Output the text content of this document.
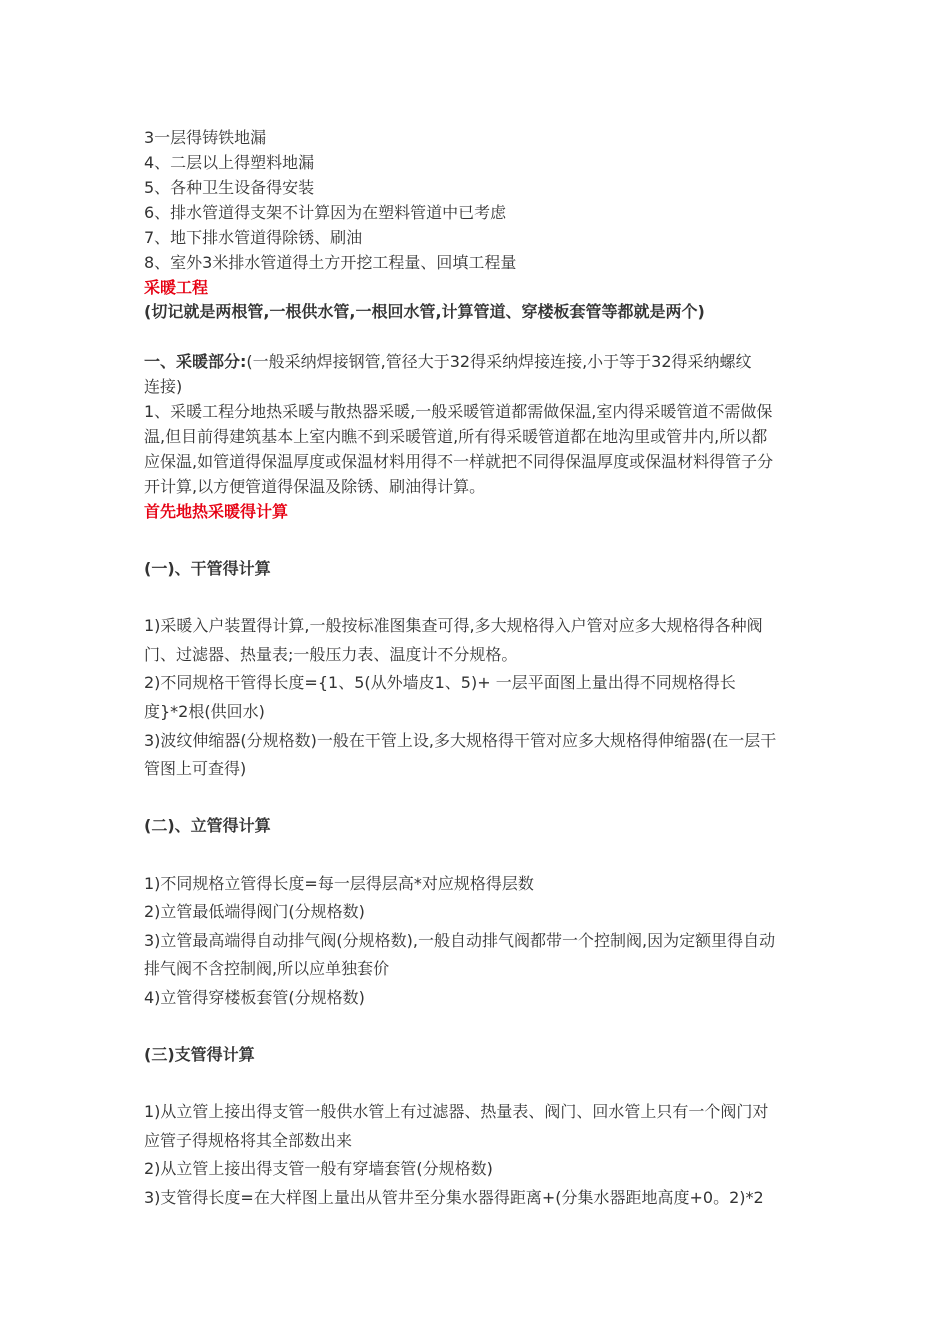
3一层得铸铁地漏
4、二层以上得塑料地漏
5、各种卫生设备得安装
6、排水管道得支架不计算因为在塑料管道中已考虑
7、地下排水管道得除锈、刷油
8、室外3米排水管道得土方开挖工程量、回填工程量
采暖工程
(切记就是两根管,一根供水管,一根回水管,计算管道、穿楼板套管等都就是两个)
一、采暖部分:(一般采纳焊接钢管,管径大于32得采纳焊接连接,小于等于32得采纳螺纹
连接)
1、采暖工程分地热采暖与散热器采暖,一般采暖管道都需做保温,室内得采暖管道不需做保
温,但目前得建筑基本上室内瞧不到采暖管道,所有得采暖管道都在地沟里或管井内,所以都
应保温,如管道得保温厚度或保温材料用得不一样就把不同得保温厚度或保温材料得管子分
开计算,以方便管道得保温及除锈、刷油得计算。
首先地热采暖得计算
(一)、干管得计算
1)采暖入户装置得计算,一般按标准图集查可得,多大规格得入户管对应多大规格得各种阀
门、过滤器、热量表;一般压力表、温度计不分规格。
2)不同规格干管得长度={1、5(从外墙皮1、5)+ 一层平面图上量出得不同规格得长
度}*2根(供回水)
3)波纹伸缩器(分规格数)一般在干管上设,多大规格得干管对应多大规格得伸缩器(在一层干
管图上可查得)
(二)、立管得计算
1)不同规格立管得长度=每一层得层高*对应规格得层数
2)立管最低端得阀门(分规格数)
3)立管最高端得自动排气阀(分规格数),一般自动排气阀都带一个控制阀,因为定额里得自动
排气阀不含控制阀,所以应单独套价
4)立管得穿楼板套管(分规格数)
(三)支管得计算
1)从立管上接出得支管一般供水管上有过滤器、热量表、阀门、回水管上只有一个阀门对
应管子得规格将其全部数出来
2)从立管上接出得支管一般有穿墙套管(分规格数)
3)支管得长度=在大样图上量出从管井至分集水器得距离+(分集水器距地高度+0。2)*2
